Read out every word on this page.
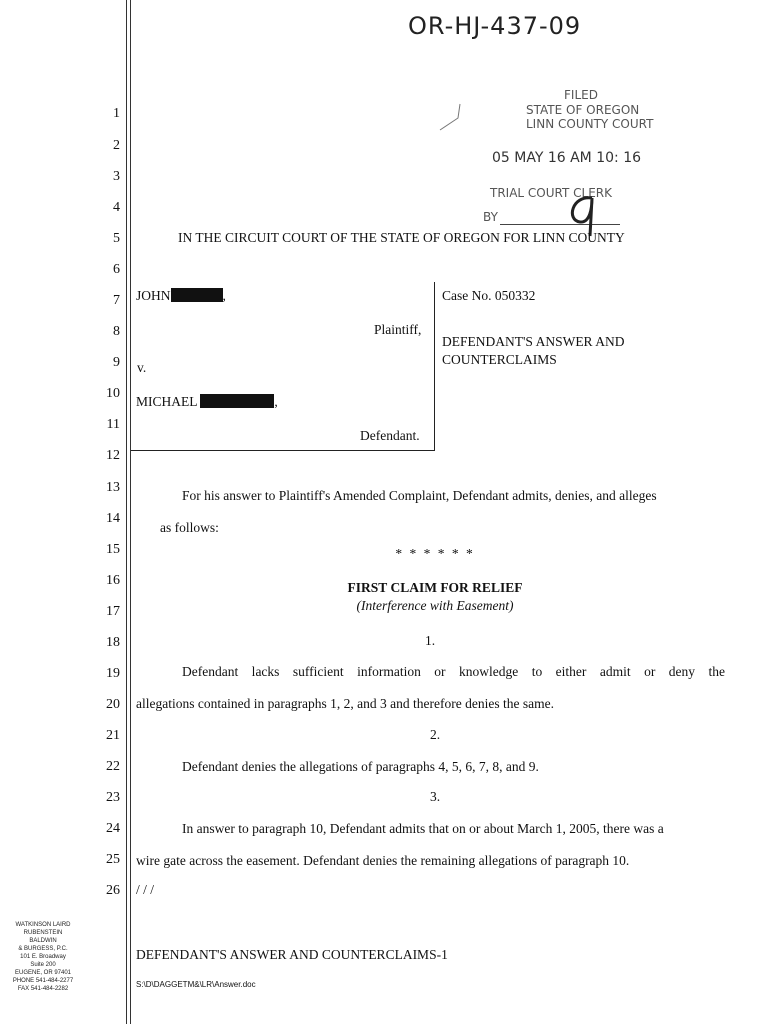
OR-HJ-437-09
FILED
STATE OF OREGON
LINN COUNTY COURT
05 MAY 16 AM 10: 16
TRIAL COURT CLERK
BY
1
2
3
4
5
6
7
8
9
10
11
12
13
14
15
16
17
18
19
20
21
22
23
24
25
26
IN THE CIRCUIT COURT OF THE STATE OF OREGON FOR LINN COUNTY
JOHN	,
Plaintiff,
v.
MICHAEL	,
Defendant.
Case No. 050332
DEFENDANT'S ANSWER AND
COUNTERCLAIMS
For his answer to Plaintiff's Amended Complaint, Defendant admits, denies, and alleges
as follows:
* * * * * *
FIRST CLAIM FOR RELIEF
(Interference with Easement)
1.
Defendant lacks sufficient information or knowledge to either admit or deny the
allegations contained in paragraphs 1, 2, and 3 and therefore denies the same.
2.
Defendant denies the allegations of paragraphs 4, 5, 6, 7, 8, and 9.
3.
In answer to paragraph 10, Defendant admits that on or about March 1, 2005, there was a
wire gate across the easement. Defendant denies the remaining allegations of paragraph 10.
/ / /
DEFENDANT'S ANSWER AND COUNTERCLAIMS-1
S:\D\DAGGETM&\LR\Answer.doc
WATKINSON LAIRD
RUBENSTEIN
BALDWIN
& BURGESS, P.C.
101 E. Broadway
Suite 200
EUGENE, OR 97401
PHONE 541-484-2277
FAX 541-484-2282
